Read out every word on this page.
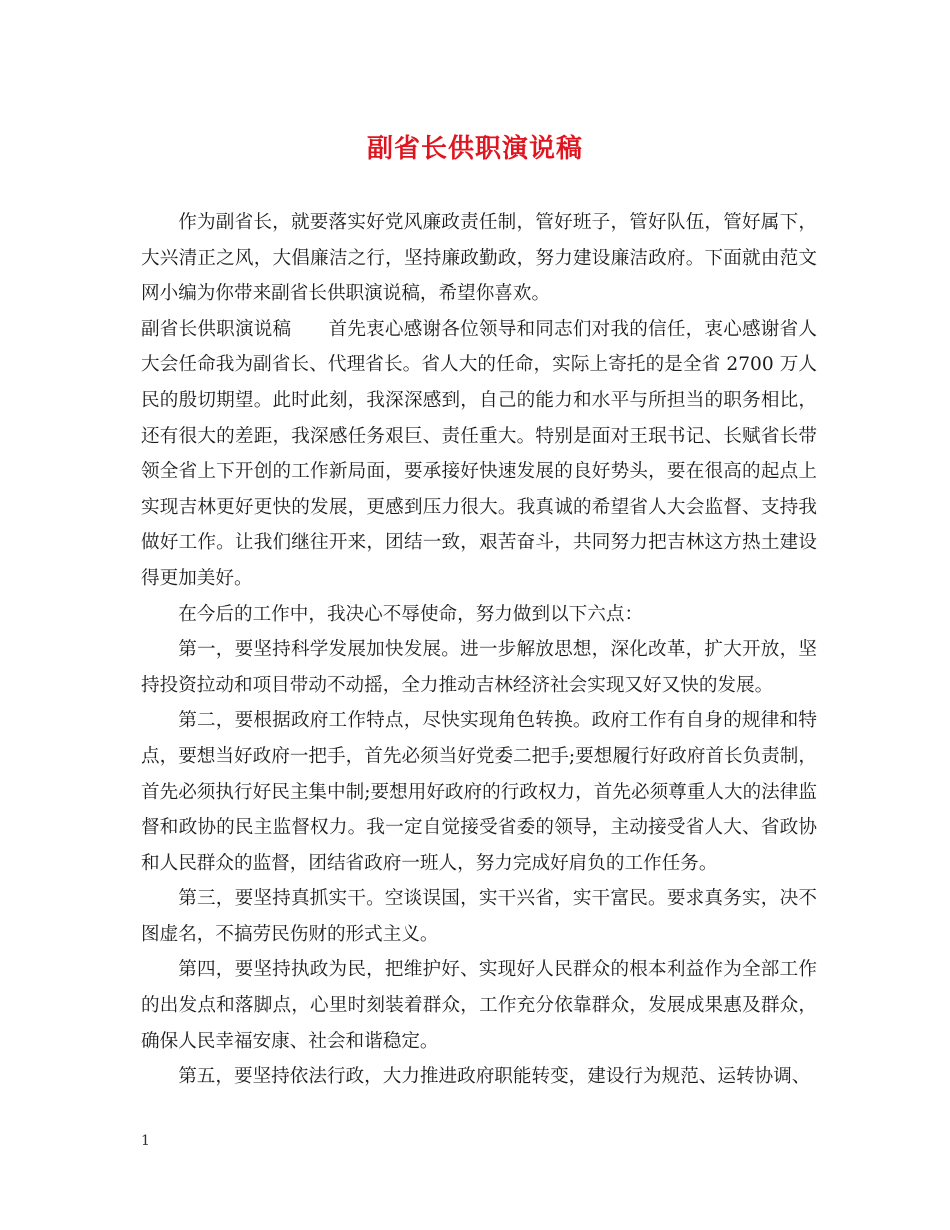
副省长供职演说稿

作为副省长，就要落实好党风廉政责任制，管好班子，管好队伍，管好属下，大兴清正之风，大倡廉洁之行，坚持廉政勤政，努力建设廉洁政府。下面就由范文网小编为你带来副省长供职演说稿，希望你喜欢。

副省长供职演说稿 首先衷心感谢各位领导和同志们对我的信任，衷心感谢省人大会任命我为副省长、代理省长。省人大的任命，实际上寄托的是全省 2700 万人民的殷切期望。此时此刻，我深深感到，自己的能力和水平与所担当的职务相比，还有很大的差距，我深感任务艰巨、责任重大。特别是面对王珉书记、长赋省长带领全省上下开创的工作新局面，要承接好快速发展的良好势头，要在很高的起点上实现吉林更好更快的发展，更感到压力很大。我真诚的希望省人大会监督、支持我做好工作。让我们继往开来，团结一致，艰苦奋斗，共同努力把吉林这方热土建设得更加美好。

在今后的工作中，我决心不辱使命，努力做到以下六点：

第一，要坚持科学发展加快发展。进一步解放思想，深化改革，扩大开放，坚持投资拉动和项目带动不动摇，全力推动吉林经济社会实现又好又快的发展。

第二，要根据政府工作特点，尽快实现角色转换。政府工作有自身的规律和特点，要想当好政府一把手，首先必须当好党委二把手;要想履行好政府首长负责制，首先必须执行好民主集中制;要想用好政府的行政权力，首先必须尊重人大的法律监督和政协的民主监督权力。我一定自觉接受省委的领导，主动接受省人大、省政协和人民群众的监督，团结省政府一班人，努力完成好肩负的工作任务。

第三，要坚持真抓实干。空谈误国，实干兴省，实干富民。要求真务实，决不图虚名，不搞劳民伤财的形式主义。

第四，要坚持执政为民，把维护好、实现好人民群众的根本利益作为全部工作的出发点和落脚点，心里时刻装着群众，工作充分依靠群众，发展成果惠及群众，确保人民幸福安康、社会和谐稳定。

第五，要坚持依法行政，大力推进政府职能转变，建设行为规范、运转协调、

1
